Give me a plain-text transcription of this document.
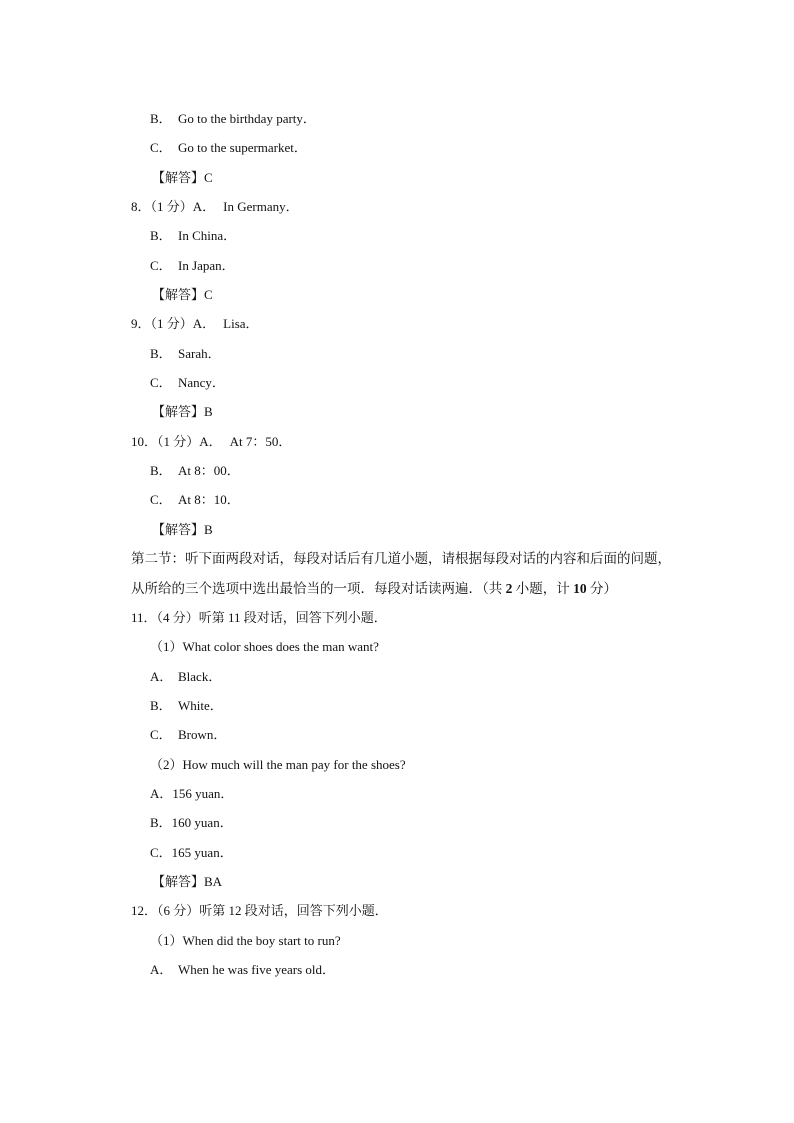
B． Go to the birthday party．
C． Go to the supermarket．
【解答】C
8．（1 分）A． In Germany．
B． In China．
C． In Japan．
【解答】C
9．（1 分）A． Lisa．
B． Sarah．
C． Nancy．
【解答】B
10．（1 分）A． At 7：50．
B． At 8：00．
C． At 8：10．
【解答】B
第二节：听下面两段对话，每段对话后有几道小题，请根据每段对话的内容和后面的问题，
从所给的三个选项中选出最恰当的一项．每段对话读两遍．（共 2 小题，计 10 分）
11．（4 分）听第 11 段对话，回答下列小题．
（1）What color shoes does the man want?
A． Black．
B． White．
C． Brown．
（2）How much will the man pay for the shoes?
A．156 yuan．
B．160 yuan．
C．165 yuan．
【解答】BA
12．（6 分）听第 12 段对话，回答下列小题．
（1）When did the boy start to run?
A． When he was five years old．
